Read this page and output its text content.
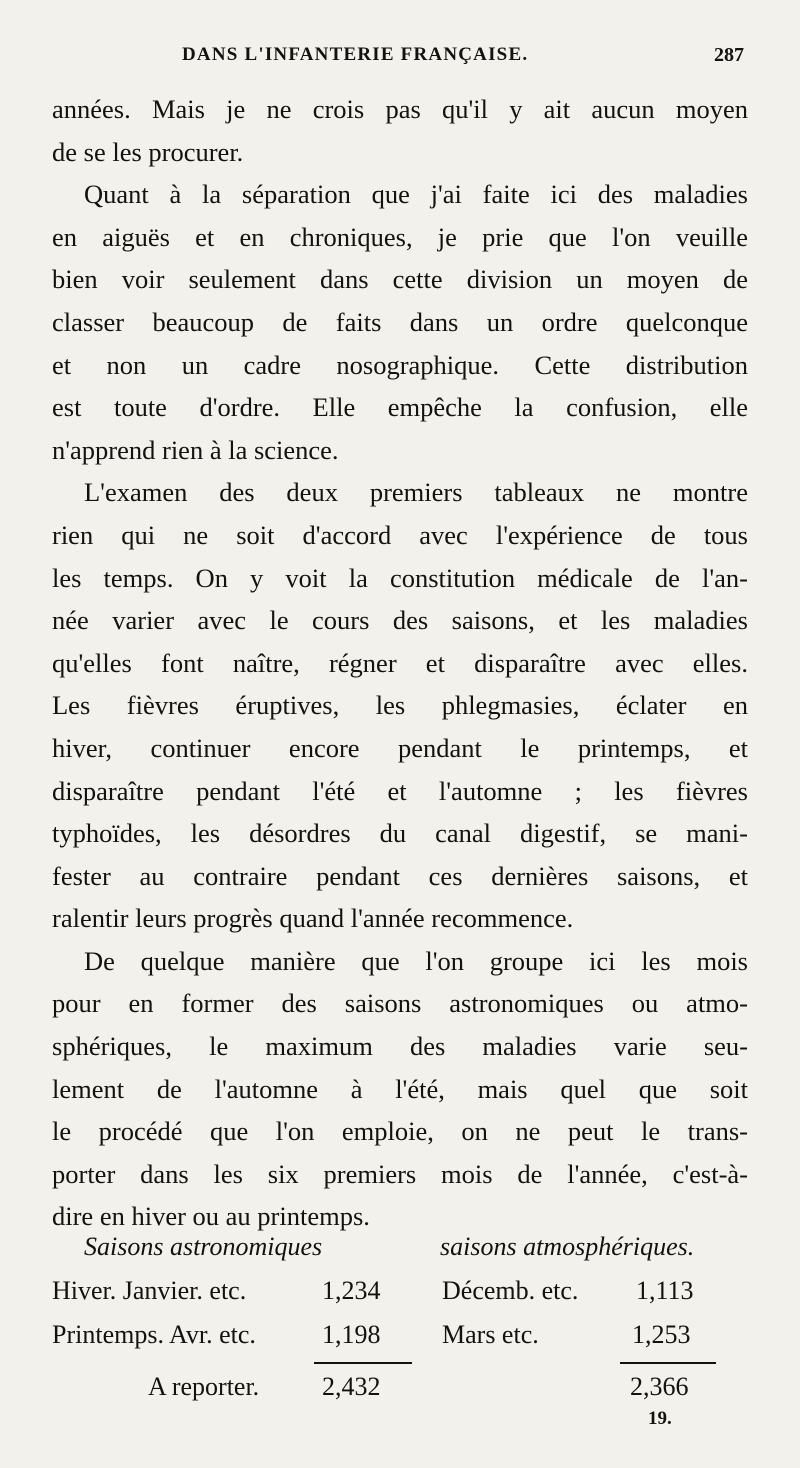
DANS L'INFANTERIE FRANÇAISE.	287
années. Mais je ne crois pas qu'il y ait aucun moyen
de se les procurer.
Quant à la séparation que j'ai faite ici des maladies
en aiguës et en chroniques, je prie que l'on veuille
bien voir seulement dans cette division un moyen de
classer beaucoup de faits dans un ordre quelconque
et non un cadre nosographique. Cette distribution
est toute d'ordre. Elle empêche la confusion, elle
n'apprend rien à la science.
L'examen des deux premiers tableaux ne montre
rien qui ne soit d'accord avec l'expérience de tous
les temps. On y voit la constitution médicale de l'an-
née varier avec le cours des saisons, et les maladies
qu'elles font naître, régner et disparaître avec elles.
Les fièvres éruptives, les phlegmasies, éclater en
hiver, continuer encore pendant le printemps, et
disparaître pendant l'été et l'automne ; les fièvres
typhoïdes, les désordres du canal digestif, se mani-
fester au contraire pendant ces dernières saisons, et
ralentir leurs progrès quand l'année recommence.
De quelque manière que l'on groupe ici les mois
pour en former des saisons astronomiques ou atmo-
sphériques, le maximum des maladies varie seu-
lement de l'automne à l'été, mais quel que soit
le procédé que l'on emploie, on ne peut le trans-
porter dans les six premiers mois de l'année, c'est-à-
dire en hiver ou au printemps.
Saisons astronomiques	saisons atmosphériques.
Hiver. Janvier. etc.	1,234 Décemb. etc. 1,113
Printemps. Avr. etc.	1,198 Mars etc.	1,253
A reporter. 2,432	2,366
19.
